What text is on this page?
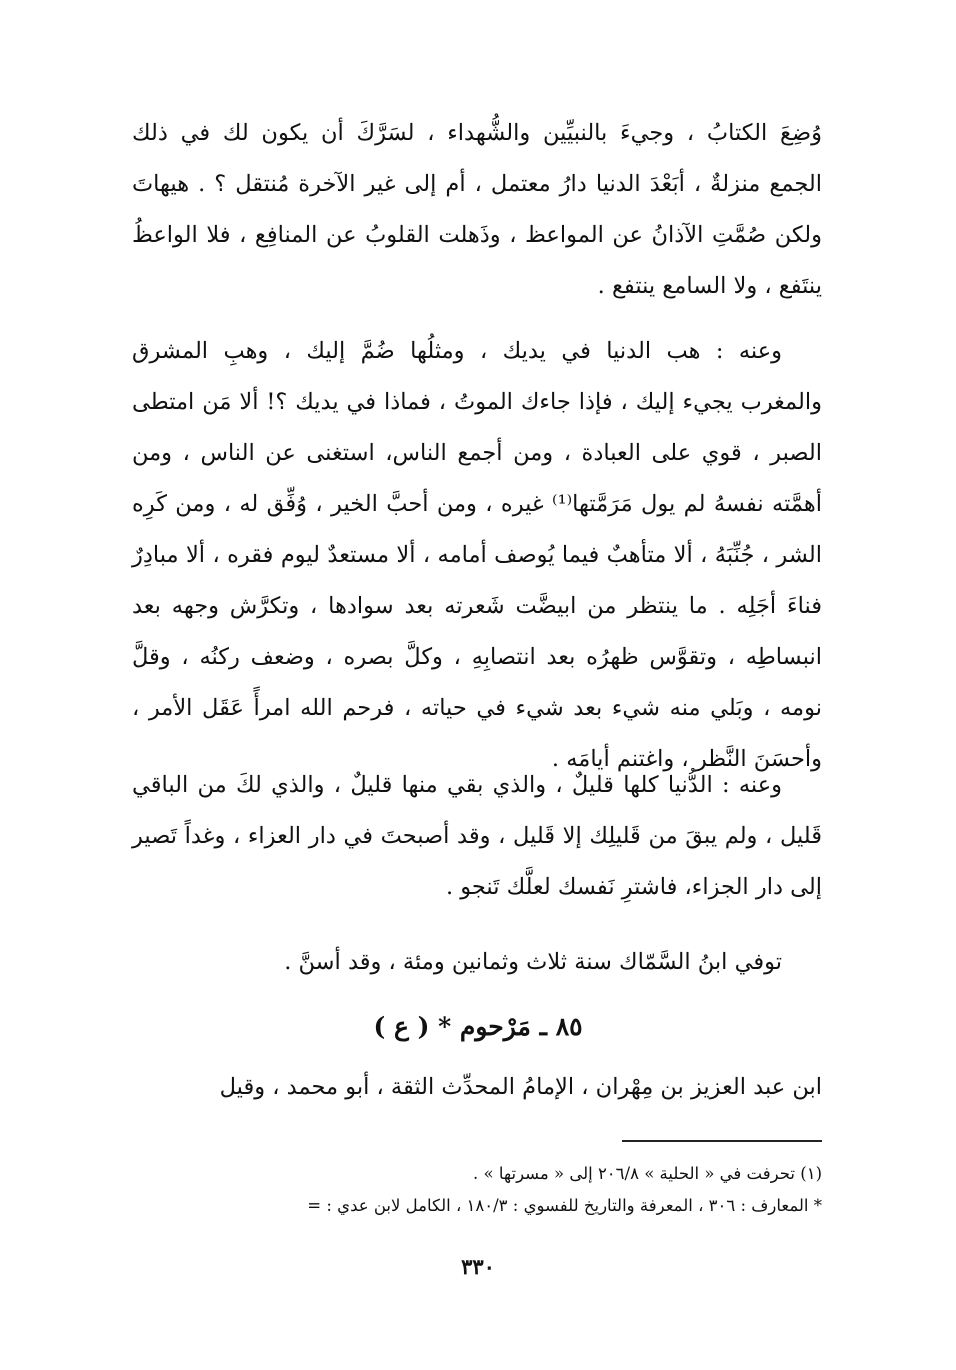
وُضِعَ الكتابُ ، وجيءَ بالنبيِّين والشُّهداء ، لسَرَّكَ أن يكون لك في ذلك
الجمع منزلةٌ ، أبَعْدَ الدنيا دارُ معتمل ، أم إلى غير الآخرة مُنتقل ؟ . هيهاتَ
ولكن صُمَّتِ الآذانُ عن المواعظ ، وذَهلت القلوبُ عن المنافِع ، فلا الواعظُ
ينتَفع ، ولا السامع ينتفع .
وعنه : هب الدنيا في يديك ، ومثلُها ضُمَّ إليك ، وهبِ المشرق
والمغرب يجيء إليك ، فإذا جاءك الموتُ ، فماذا في يديك ؟! ألا مَن امتطى
الصبر ، قوي على العبادة ، ومن أجمع الناس، استغنى عن الناس ، ومن
أهمَّته نفسهُ لم يول مَرَمَّتها⁽¹⁾ غيره ، ومن أحبَّ الخير ، وُفِّق له ، ومن كَرِه
الشر ، جُنِّبَهُ ، ألا متأهبٌ فيما يُوصف أمامه ، ألا مستعدٌ ليوم فقره ، ألا مبادِرٌ
فناءَ أجَلِه . ما ينتظر من ابيضَّت شَعرته بعد سوادها ، وتكرَّش وجهه بعد
انبساطِه ، وتقوَّس ظهرُه بعد انتصابِهِ ، وكلَّ بصره ، وضعف ركنُه ، وقلَّ
نومه ، وبَلي منه شيء بعد شيء في حياته ، فرحم الله امرأً عَقَل الأمر ،
وأحسَنَ النَّظر ، واغتنم أيامَه .
وعنه : الدُّنيا كلها قليلٌ ، والذي بقي منها قليلٌ ، والذي لكَ من الباقي
قَليل ، ولم يبقَ من قَليلِك إلا قَليل ، وقد أصبحتَ في دار العزاء ، وغداً تَصير
إلى دار الجزاء، فاشترِ نَفسك لعلَّك تَنجو .
توفي ابنُ السَّمّاك سنة ثلاث وثمانين ومئة ، وقد أسنَّ .
٨٥ ـ مَرْحوم * ( ع )
ابن عبد العزيز بن مِهْران ، الإمامُ المحدِّث الثقة ، أبو محمد ، وقيل
(١) تحرفت في « الحلية » ٢٠٦/٨ إلى « مسرتها » .
* المعارف : ٣٠٦ ، المعرفة والتاريخ للفسوي : ١٨٠/٣ ، الكامل لابن عدي : =
٣٣٠
